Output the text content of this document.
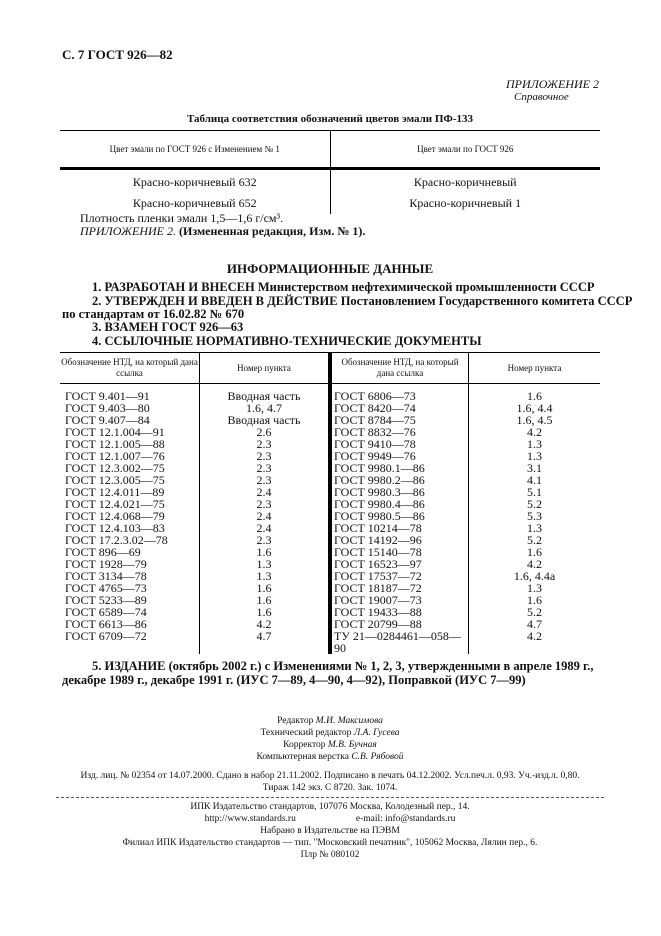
С. 7 ГОСТ 926—82
ПРИЛОЖЕНИЕ 2
Справочное
Таблица соответствия обозначений цветов эмали ПФ-133
Цвет эмали по ГОСТ 926 с Изменением № 1	Цвет эмали по ГОСТ 926
Красно-коричневый 632	Красно-коричневый
Красно-коричневый 652	Красно-коричневый 1
Плотность пленки эмали 1,5—1,6 г/см³.
ПРИЛОЖЕНИЕ 2. (Измененная редакция, Изм. № 1).
ИНФОРМАЦИОННЫЕ ДАННЫЕ
1. РАЗРАБОТАН И ВНЕСЕН Министерством нефтехимической промышленности СССР
2. УТВЕРЖДЕН И ВВЕДЕН В ДЕЙСТВИЕ Постановлением Государственного комитета СССР
по стандартам от 16.02.82 № 670
3. ВЗАМЕН ГОСТ 926—63
4. ССЫЛОЧНЫЕ НОРМАТИВНО-ТЕХНИЧЕСКИЕ ДОКУМЕНТЫ
Обозначение НТД, на который дана ссылка	Номер пункта	Обозначение НТД, на который дана ссылка	Номер пункта
ГОСТ 9.401—91	Вводная часть	ГОСТ 6806—73	1.6
ГОСТ 9.403—80	1.6, 4.7	ГОСТ 8420—74	1.6, 4.4
ГОСТ 9.407—84	Вводная часть	ГОСТ 8784—75	1.6, 4.5
ГОСТ 12.1.004—91	2.6	ГОСТ 8832—76	4.2
ГОСТ 12.1.005—88	2.3	ГОСТ 9410—78	1.3
ГОСТ 12.1.007—76	2.3	ГОСТ 9949—76	1.3
ГОСТ 12.3.002—75	2.3	ГОСТ 9980.1—86	3.1
ГОСТ 12.3.005—75	2.3	ГОСТ 9980.2—86	4.1
ГОСТ 12.4.011—89	2.4	ГОСТ 9980.3—86	5.1
ГОСТ 12.4.021—75	2.3	ГОСТ 9980.4—86	5.2
ГОСТ 12.4.068—79	2.4	ГОСТ 9980.5—86	5.3
ГОСТ 12.4.103—83	2.4	ГОСТ 10214—78	1.3
ГОСТ 17.2.3.02—78	2.3	ГОСТ 14192—96	5.2
ГОСТ 896—69	1.6	ГОСТ 15140—78	1.6
ГОСТ 1928—79	1.3	ГОСТ 16523—97	4.2
ГОСТ 3134—78	1.3	ГОСТ 17537—72	1.6, 4.4а
ГОСТ 4765—73	1.6	ГОСТ 18187—72	1.3
ГОСТ 5233—89	1.6	ГОСТ 19007—73	1.6
ГОСТ 6589—74	1.6	ГОСТ 19433—88	5.2
ГОСТ 6613—86	4.2	ГОСТ 20799—88	4.7
ГОСТ 6709—72	4.7	ТУ 21—0284461—058—90	4.2
5. ИЗДАНИЕ (октябрь 2002 г.) с Изменениями № 1, 2, 3, утвержденными в апреле 1989 г.,
декабре 1989 г., декабре 1991 г. (ИУС 7—89, 4—90, 4—92), Поправкой (ИУС 7—99)
Редактор М.И. Максимова
Технический редактор Л.А. Гусева
Корректор М.В. Бучная
Компьютерная верстка С.В. Рябовой
Изд. лиц. № 02354 от 14.07.2000. Сдано в набор 21.11.2002. Подписано в печать 04.12.2002. Усл.печ.л. 0,93. Уч.-изд.л. 0,80.
Тираж 142 экз. С 8720. Зак. 1074.
ИПК Издательство стандартов, 107076 Москва, Колодезный пер., 14.
http://www.standards.ru	e-mail: info@standards.ru
Набрано в Издательстве на ПЭВМ
Филиал ИПК Издательство стандартов — тип. "Московский печатник", 105062 Москва, Лялин пер., 6.
Плр № 080102
